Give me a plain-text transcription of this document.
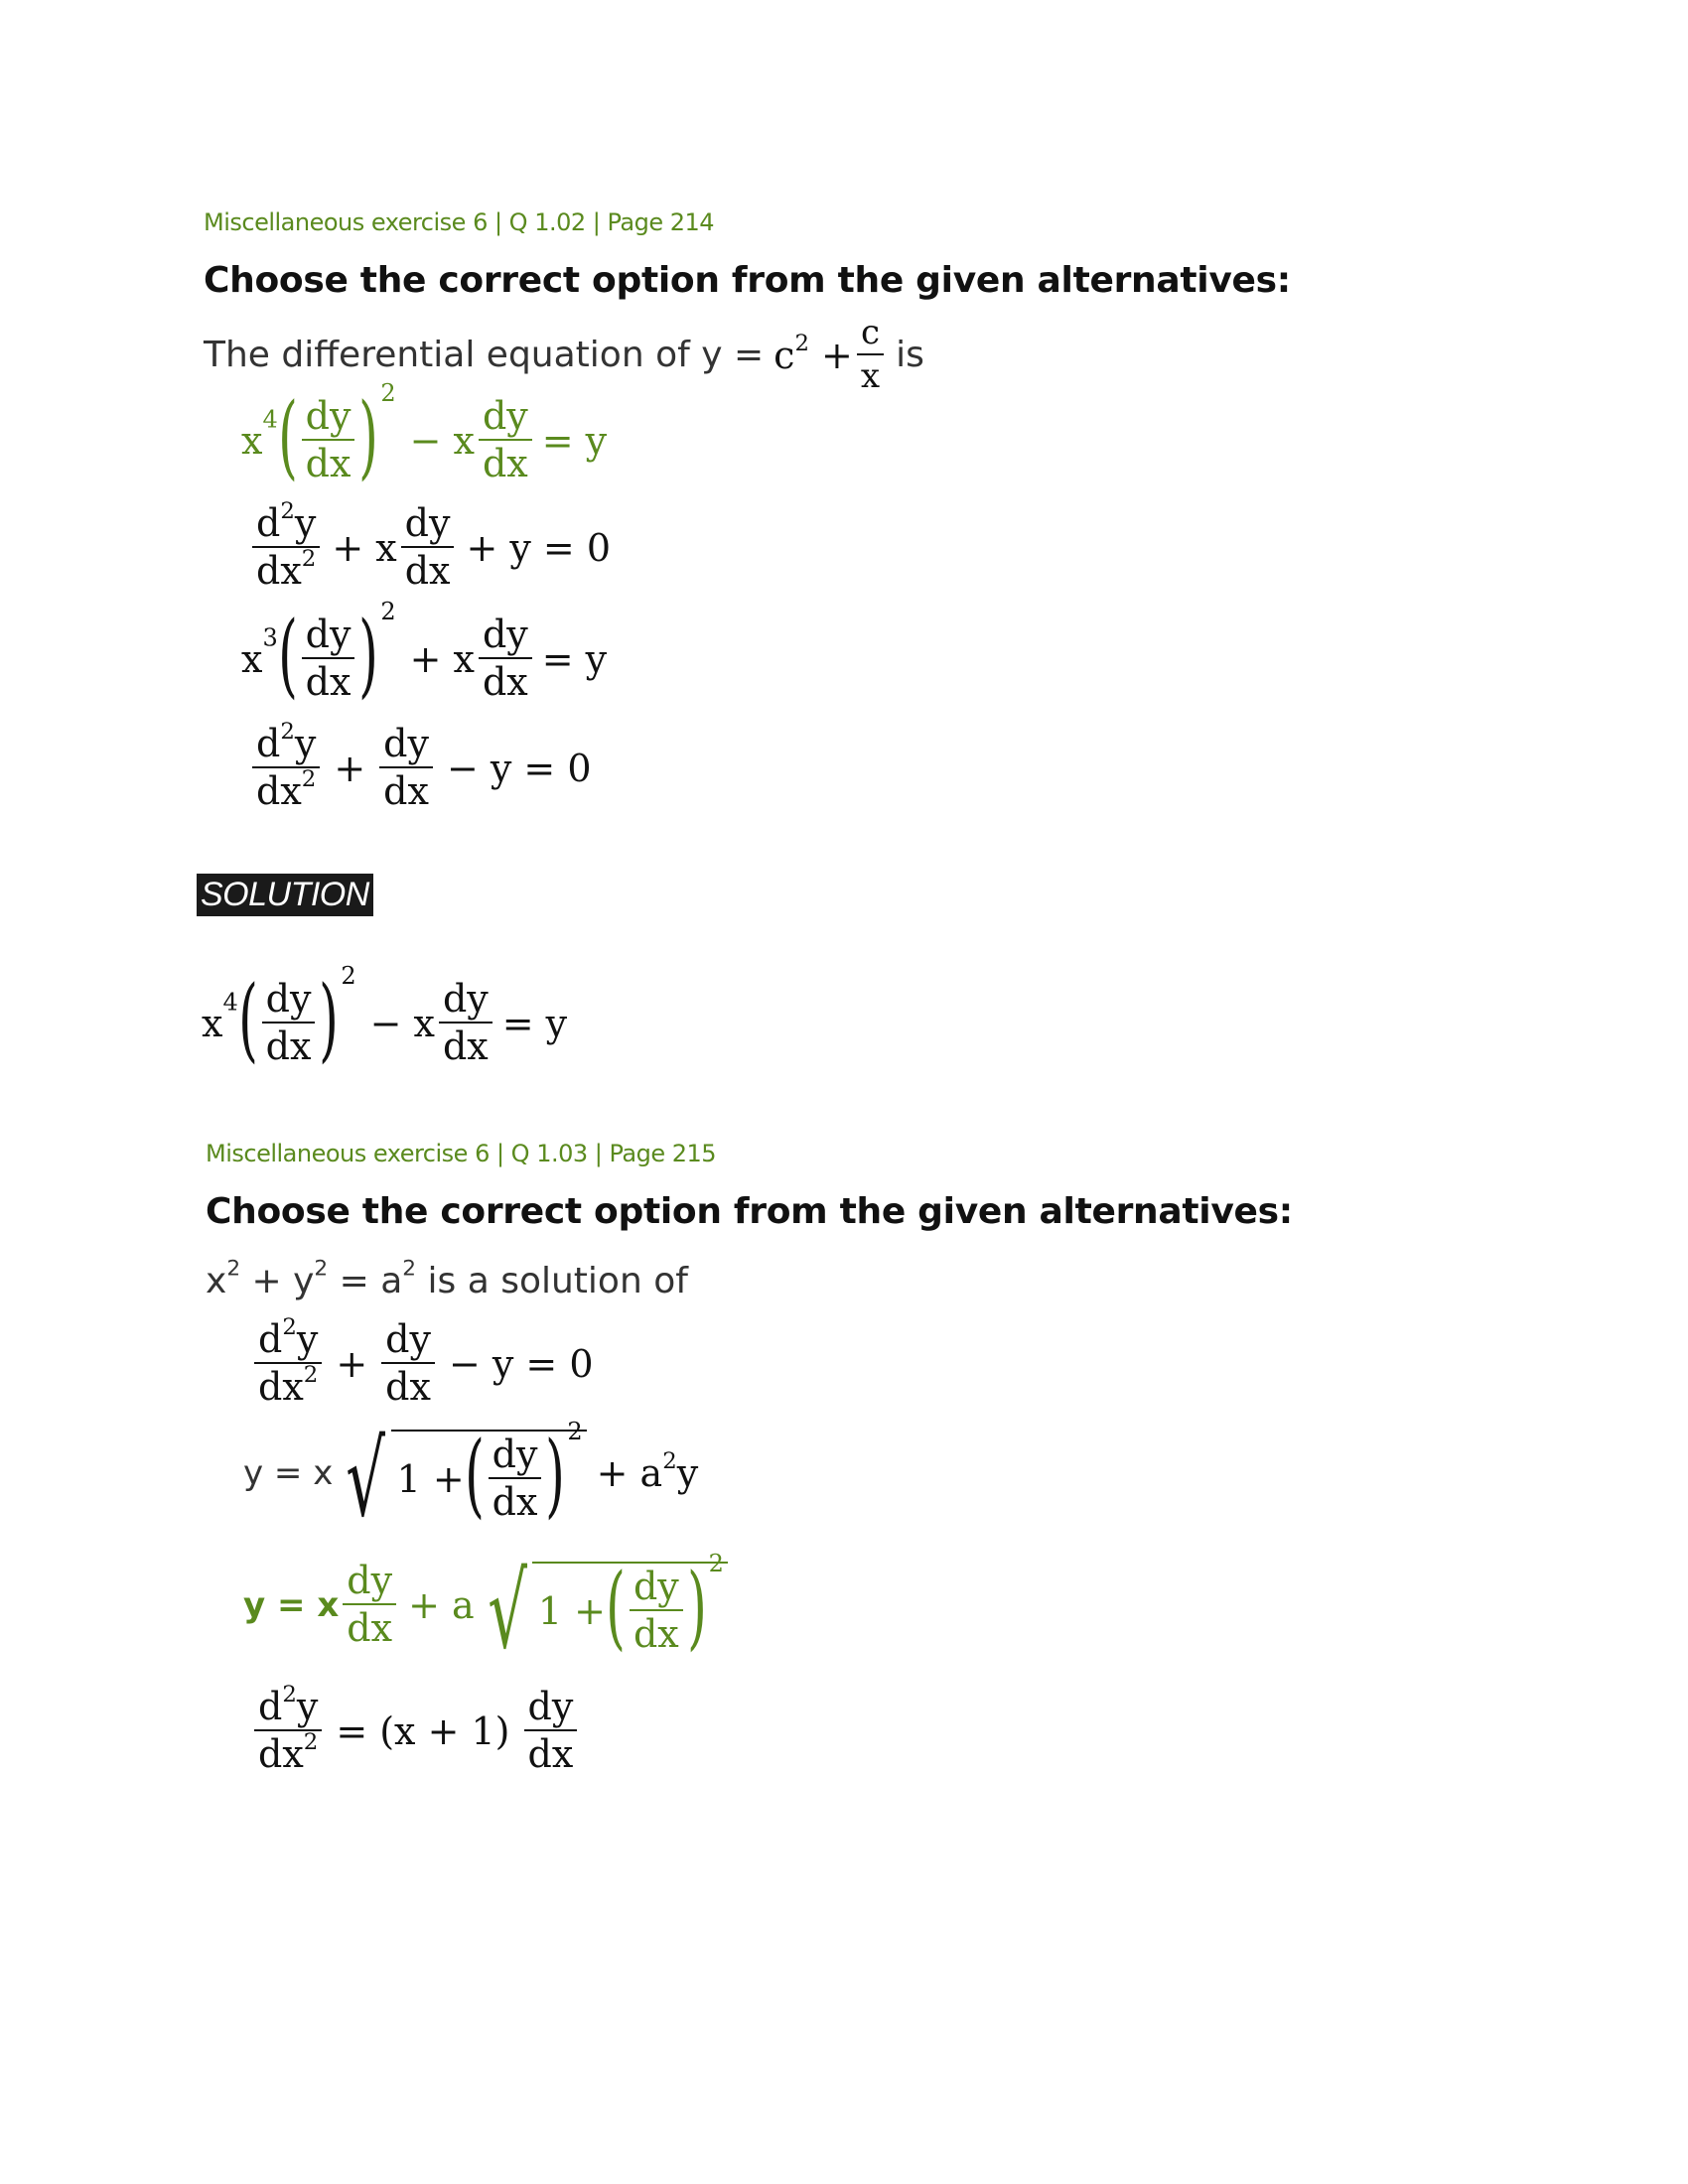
Miscellaneous exercise 6 | Q 1.02 | Page 214
Choose the correct option from the given alternatives:
The differential equation of $y = c^2 + \frac{c}{x}$ is
$x^4$ ( $\frac{dy}{dx}$ ) 2
− x $\frac{dy}{dx} = y$
$\frac{d^2y}{dx^2} + x \frac{dy}{dx} + y = 0$
$x^3$ ( $\frac{dy}{dx}$ ) 2
+ x $\frac{dy}{dx} = y$
$\frac{d^2y}{dx^2} + \frac{dy}{dx} - y = 0$
SOLUTION
$x^4$ ( $\frac{dy}{dx}$ ) 2
− x $\frac{dy}{dx} = y$
Miscellaneous exercise 6 | Q 1.03 | Page 215
Choose the correct option from the given alternatives:
$x^2 + y^2 = a^2$ is a solution of
$\frac{d^2y}{dx^2} + \frac{dy}{dx} - y = 0$
y = x √ 1 + ( $\frac{dy}{dx}$ ) 2
+ $a^2y$
y = x $\frac{dy}{dx} + a$ √ 1 + ( $\frac{dy}{dx}$ ) 2
$\frac{d^2y}{dx^2} = (x + 1) \frac{dy}{dx}$
